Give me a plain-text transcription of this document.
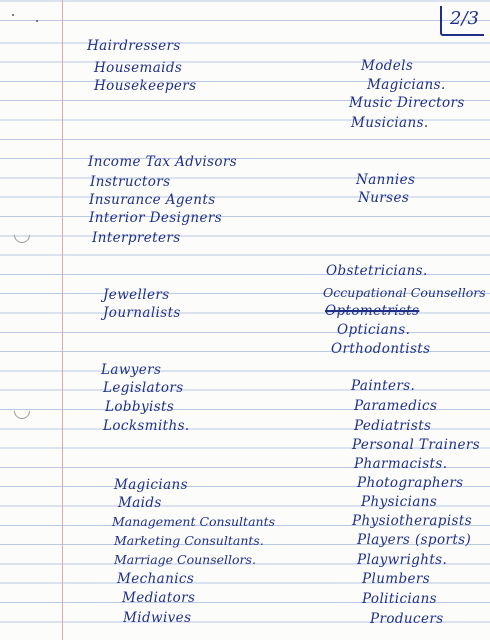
2/3
Hairdressers
Housemaids
Housekeepers
Income Tax Advisors
Instructors
Insurance Agents
Interior Designers
Interpreters
Jewellers
Journalists
Lawyers
Legislators
Lobbyists
Locksmiths.
Magicians
Maids
Management Consultants
Marketing Consultants.
Marriage Counsellors.
Mechanics
Mediators
Midwives
Models
Magicians.
Music Directors
Musicians.
Nannies
Nurses
Obstetricians.
Occupational Counsellors
Optometrists
Opticians.
Orthodontists
Painters.
Paramedics
Pediatrists
Personal Trainers
Pharmacists.
Photographers
Physicians
Physiotherapists
Players (sports)
Playwrights.
Plumbers
Politicians
Producers
